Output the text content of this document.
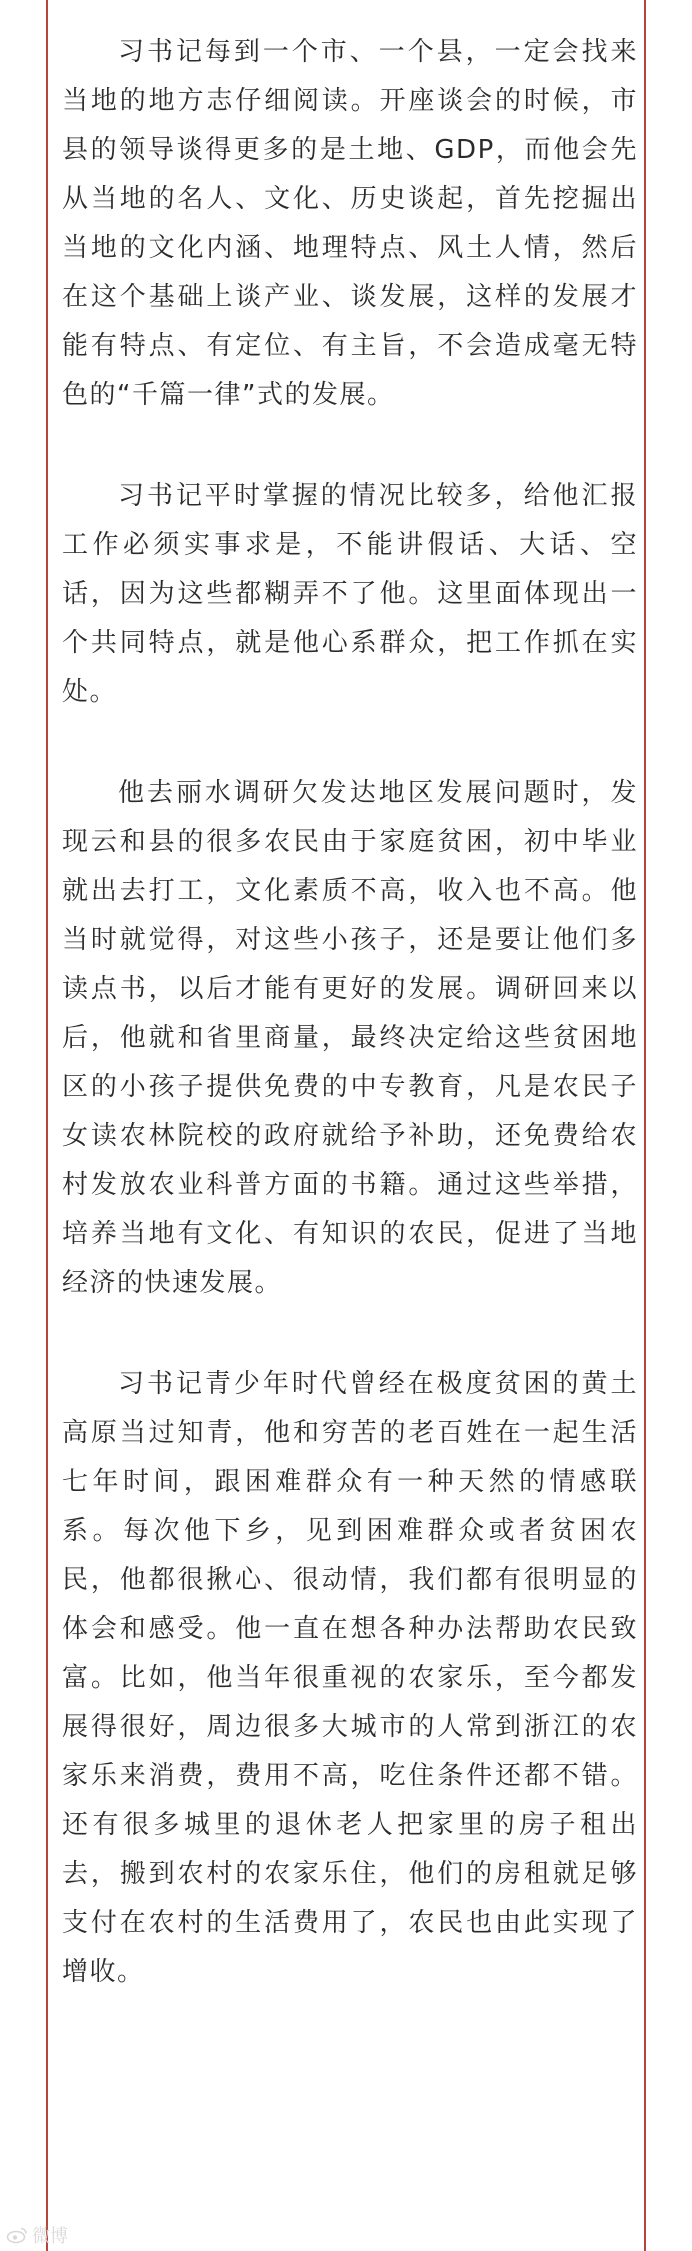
习书记每到一个市、一个县，一定会找来当地的地方志仔细阅读。开座谈会的时候，市县的领导谈得更多的是土地、GDP，而他会先从当地的名人、文化、历史谈起，首先挖掘出当地的文化内涵、地理特点、风土人情，然后在这个基础上谈产业、谈发展，这样的发展才能有特点、有定位、有主旨，不会造成毫无特色的“千篇一律”式的发展。

习书记平时掌握的情况比较多，给他汇报工作必须实事求是，不能讲假话、大话、空话，因为这些都糊弄不了他。这里面体现出一个共同特点，就是他心系群众，把工作抓在实处。

他去丽水调研欠发达地区发展问题时，发现云和县的很多农民由于家庭贫困，初中毕业就出去打工，文化素质不高，收入也不高。他当时就觉得，对这些小孩子，还是要让他们多读点书，以后才能有更好的发展。调研回来以后，他就和省里商量，最终决定给这些贫困地区的小孩子提供免费的中专教育，凡是农民子女读农林院校的政府就给予补助，还免费给农村发放农业科普方面的书籍。通过这些举措，培养当地有文化、有知识的农民，促进了当地经济的快速发展。

习书记青少年时代曾经在极度贫困的黄土高原当过知青，他和穷苦的老百姓在一起生活七年时间，跟困难群众有一种天然的情感联系。每次他下乡，见到困难群众或者贫困农民，他都很揪心、很动情，我们都有很明显的体会和感受。他一直在想各种办法帮助农民致富。比如，他当年很重视的农家乐，至今都发展得很好，周边很多大城市的人常到浙江的农家乐来消费，费用不高，吃住条件还都不错。还有很多城里的退休老人把家里的房子租出去，搬到农村的农家乐住，他们的房租就足够支付在农村的生活费用了，农民也由此实现了增收。

微博
